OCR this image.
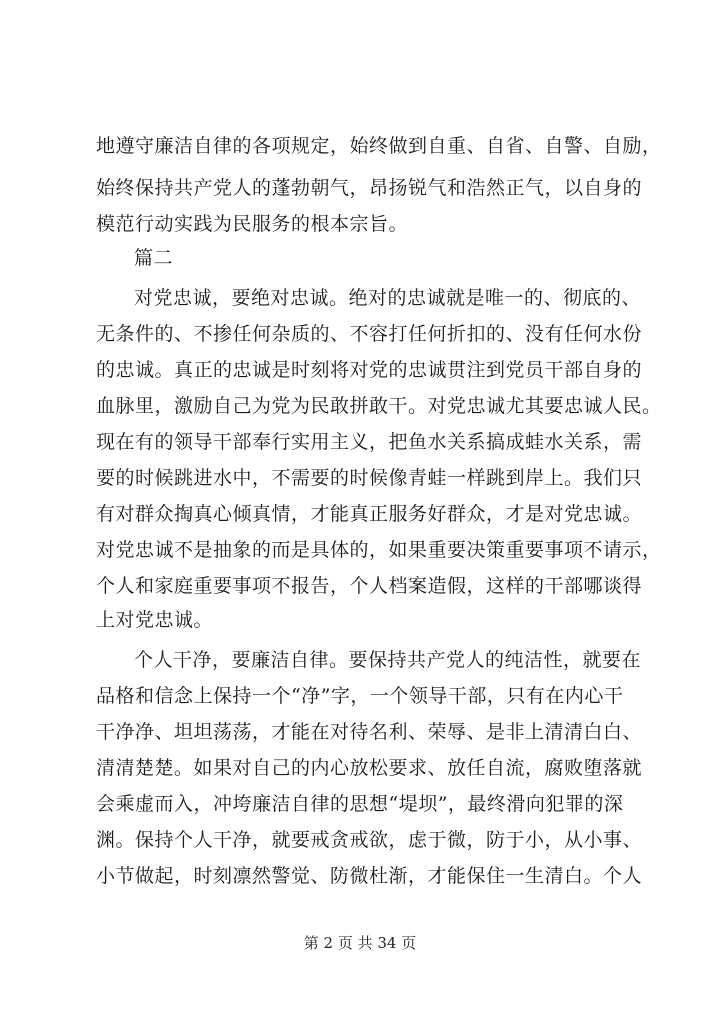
地遵守廉洁自律的各项规定，始终做到自重、自省、自警、自励，
始终保持共产党人的蓬勃朝气，昂扬锐气和浩然正气，以自身的
模范行动实践为民服务的根本宗旨。
篇二
对党忠诚，要绝对忠诚。绝对的忠诚就是唯一的、彻底的、
无条件的、不掺任何杂质的、不容打任何折扣的、没有任何水份
的忠诚。真正的忠诚是时刻将对党的忠诚贯注到党员干部自身的
血脉里，激励自己为党为民敢拼敢干。对党忠诚尤其要忠诚人民。
现在有的领导干部奉行实用主义，把鱼水关系搞成蛙水关系，需
要的时候跳进水中，不需要的时候像青蛙一样跳到岸上。我们只
有对群众掏真心倾真情，才能真正服务好群众，才是对党忠诚。
对党忠诚不是抽象的而是具体的，如果重要决策重要事项不请示，
个人和家庭重要事项不报告，个人档案造假，这样的干部哪谈得
上对党忠诚。
个人干净，要廉洁自律。要保持共产党人的纯洁性，就要在
品格和信念上保持一个“净”字，一个领导干部，只有在内心干
干净净、坦坦荡荡，才能在对待名利、荣辱、是非上清清白白、
清清楚楚。如果对自己的内心放松要求、放任自流，腐败堕落就
会乘虚而入，冲垮廉洁自律的思想“堤坝”，最终滑向犯罪的深
渊。保持个人干净，就要戒贪戒欲，虑于微，防于小，从小事、
小节做起，时刻凛然警觉、防微杜渐，才能保住一生清白。个人
第 2 页 共 34 页
